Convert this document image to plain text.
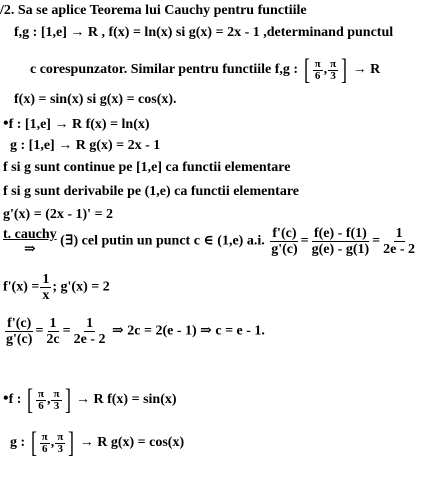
/2. Sa se aplice Teorema lui Cauchy pentru functiile
f,g : [1,e] → R , f(x) = ln(x) si g(x) = 2x - 1 ,determinand punctul
c corespunzator. Similar pentru functiile f,g : [ $\frac{\pi}{6}$ , $\frac{\pi}{3}$ ] → R
f(x) = sin(x) si g(x) = cos(x).
•f : [1,e] → R f(x) = ln(x)
g : [1,e] → R g(x) = 2x - 1
f si g sunt continue pe [1,e] ca functii elementare
f si g sunt derivabile pe (1,e) ca functii elementare
g'(x) = (2x - 1)' = 2
t. cauchy
⇒
(∃) cel putin un punct c ∈ (1,e) a.i. $\frac{f'(c)}{g'(c)} = \frac{f(e) - f(1)}{g(e) - g(1)} = \frac{1}{2e - 2}$
$f'(x) = \frac{1}{x}$ ; g'(x) = 2
$\frac{f'(c)}{g'(c)} = \frac{1}{2c} = \frac{1}{2e - 2}$ ⇒ 2c = 2(e - 1) ⇒ c = e - 1.
•f : [ $\frac{\pi}{6}$ , $\frac{\pi}{3}$ ] → R f(x) = sin(x)
g : [ $\frac{\pi}{6}$ , $\frac{\pi}{3}$ ] → R g(x) = cos(x)
